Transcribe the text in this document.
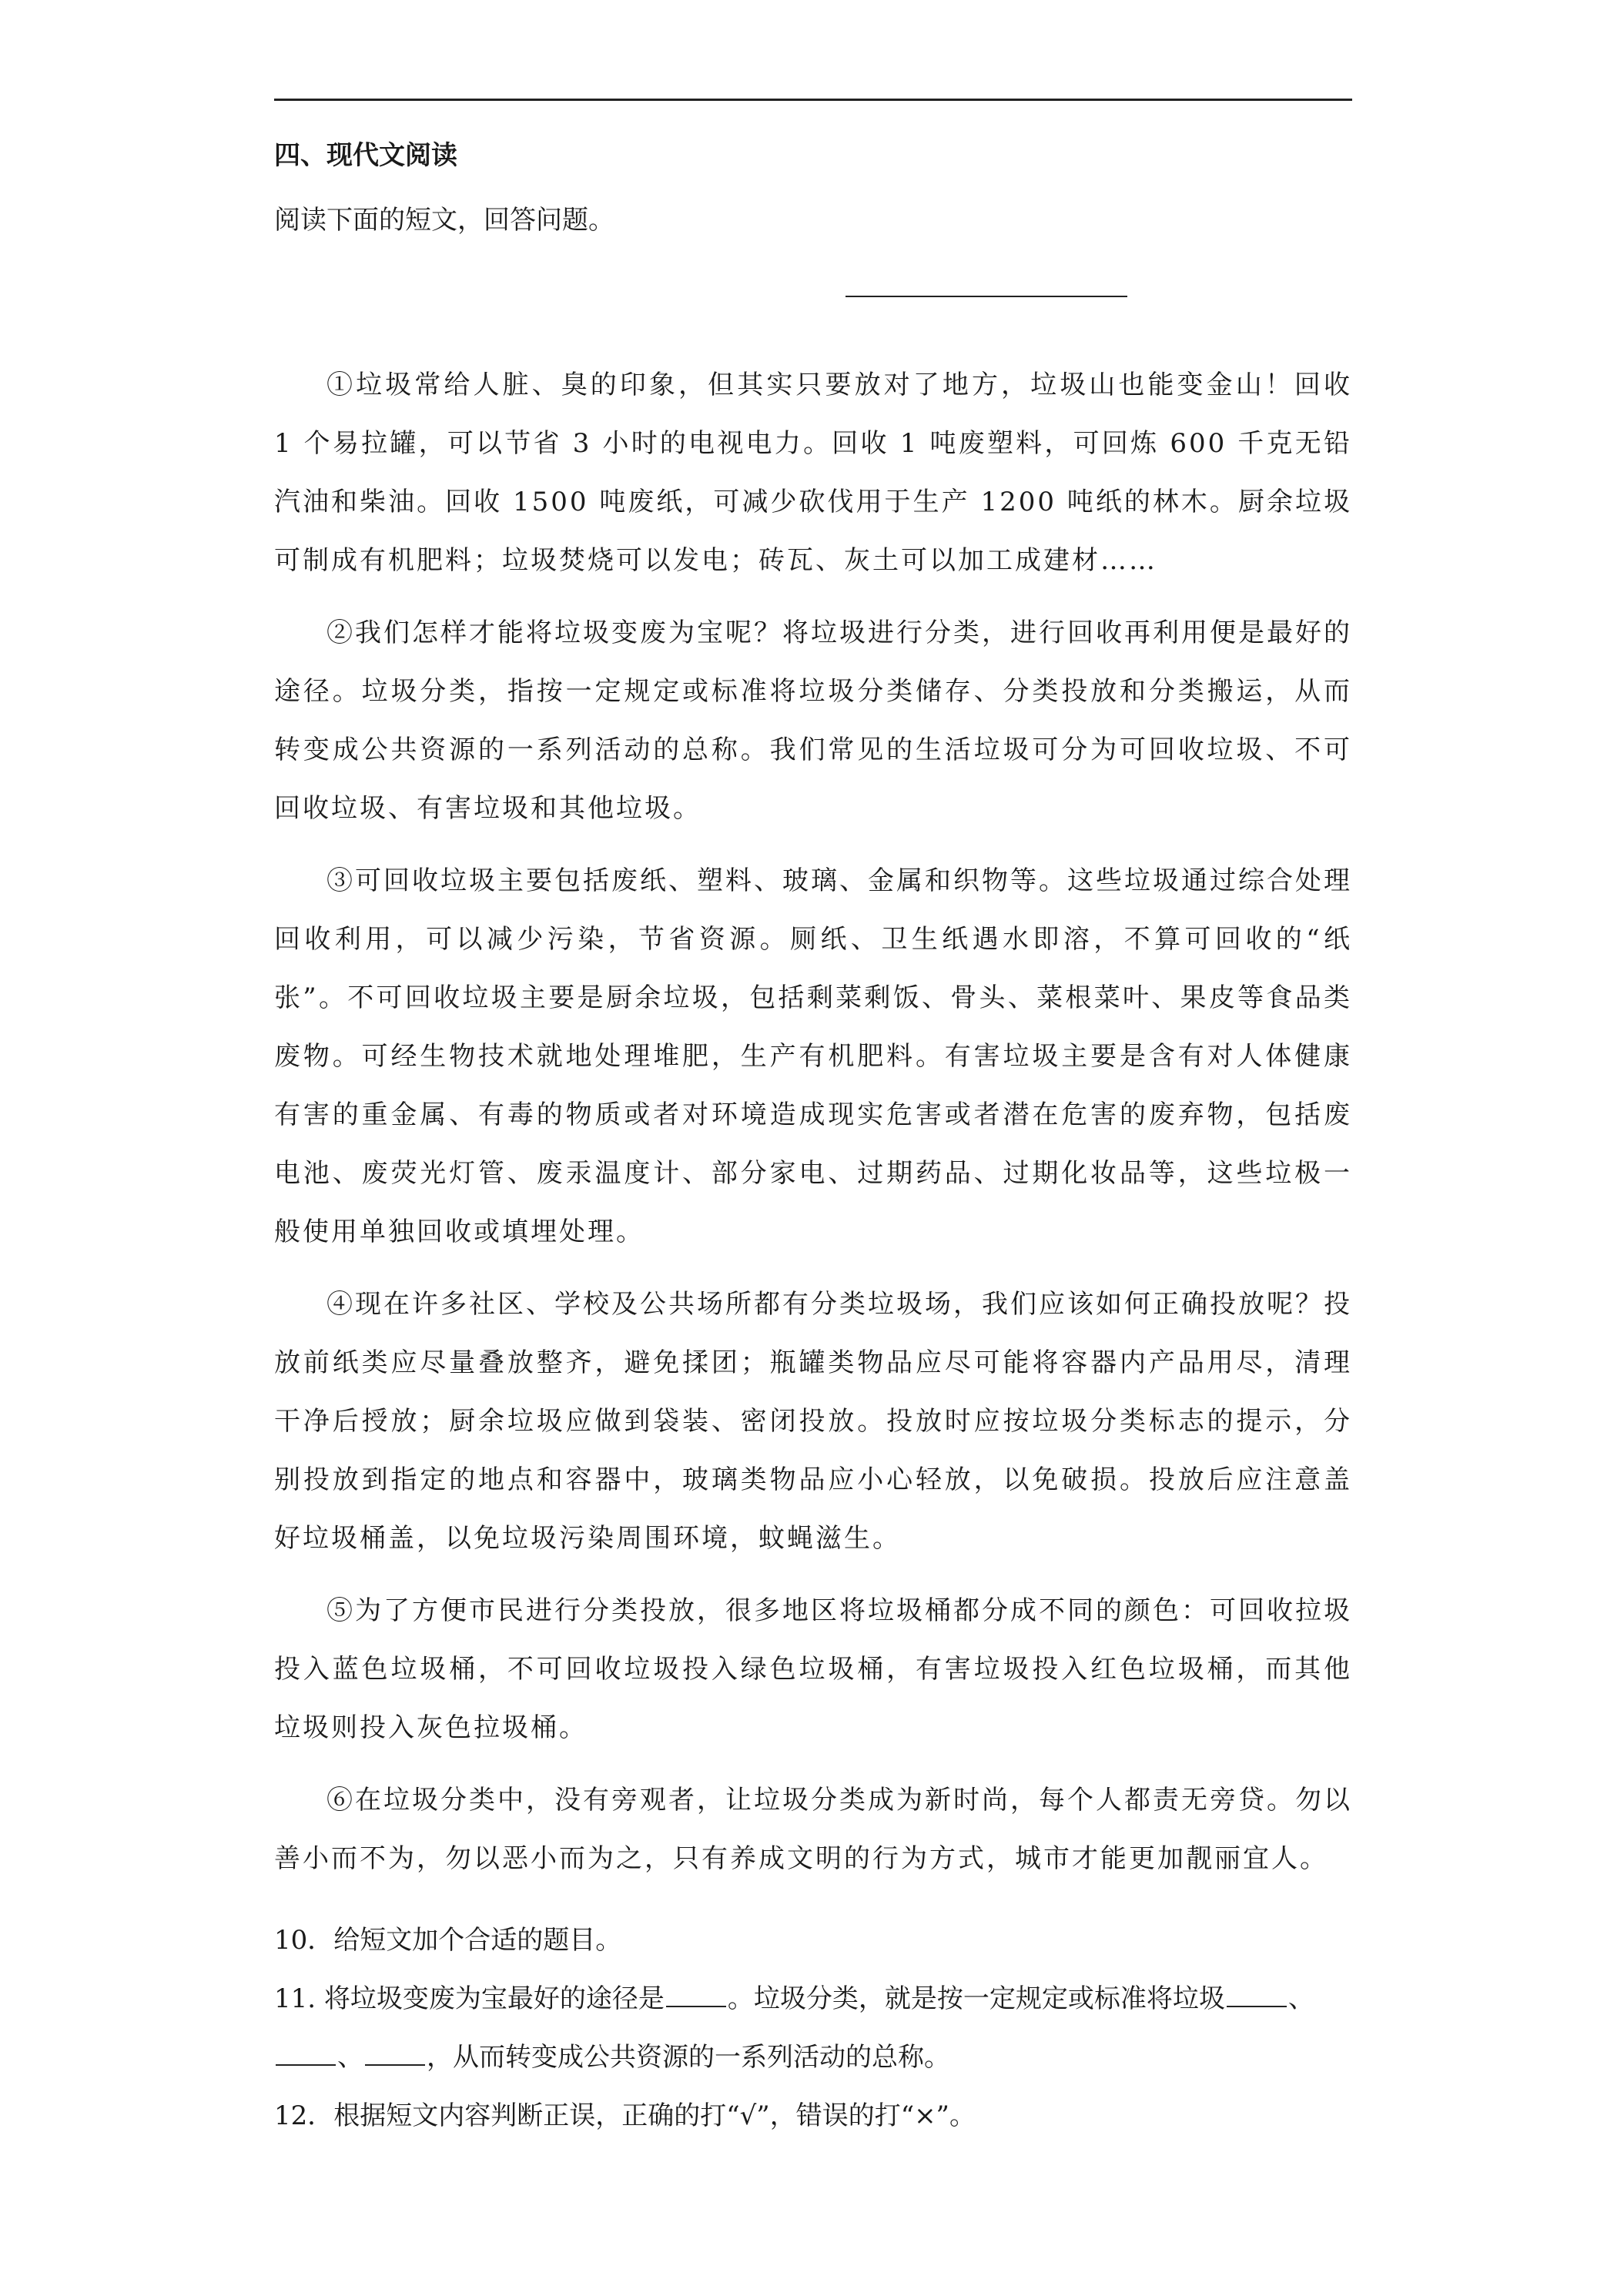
四、现代文阅读
阅读下面的短文，回答问题。

①垃圾常给人脏、臭的印象，但其实只要放对了地方，垃圾山也能变金山！回收 1 个易拉罐，可以节省 3 小时的电视电力。回收 1 吨废塑料，可回炼 600 千克无铅汽油和柴油。回收 1500 吨废纸，可减少砍伐用于生产 1200 吨纸的林木。厨余垃圾可制成有机肥料；垃圾焚烧可以发电；砖瓦、灰土可以加工成建材……

②我们怎样才能将垃圾变废为宝呢？将垃圾进行分类，进行回收再利用便是最好的途径。垃圾分类，指按一定规定或标准将垃圾分类储存、分类投放和分类搬运，从而转变成公共资源的一系列活动的总称。我们常见的生活垃圾可分为可回收垃圾、不可回收垃圾、有害垃圾和其他垃圾。

③可回收垃圾主要包括废纸、塑料、玻璃、金属和织物等。这些垃圾通过综合处理回收利用，可以减少污染，节省资源。厕纸、卫生纸遇水即溶，不算可回收的“纸张”。不可回收垃圾主要是厨余垃圾，包括剩菜剩饭、骨头、菜根菜叶、果皮等食品类废物。可经生物技术就地处理堆肥，生产有机肥料。有害垃圾主要是含有对人体健康有害的重金属、有毒的物质或者对环境造成现实危害或者潜在危害的废弃物，包括废电池、废荧光灯管、废汞温度计、部分家电、过期药品、过期化妆品等，这些垃极一般使用单独回收或填埋处理。

④现在许多社区、学校及公共场所都有分类垃圾场，我们应该如何正确投放呢？投放前纸类应尽量叠放整齐，避免揉团；瓶罐类物品应尽可能将容器内产品用尽，清理干净后授放；厨余垃圾应做到袋装、密闭投放。投放时应按垃圾分类标志的提示，分别投放到指定的地点和容器中，玻璃类物品应小心轻放，以免破损。投放后应注意盖好垃圾桶盖，以免垃圾污染周围环境，蚊蝇滋生。

⑤为了方便市民进行分类投放，很多地区将垃圾桶都分成不同的颜色：可回收拉圾投入蓝色垃圾桶，不可回收垃圾投入绿色垃圾桶，有害垃圾投入红色垃圾桶，而其他垃圾则投入灰色拉圾桶。

⑥在垃圾分类中，没有旁观者，让垃圾分类成为新时尚，每个人都责无旁贷。勿以善小而不为，勿以恶小而为之，只有养成文明的行为方式，城市才能更加靓丽宜人。

10．给短文加个合适的题目。

11. 将垃圾变废为宝最好的途径是 。垃圾分类，就是按一定规定或标准将垃圾 、
、 ，从而转变成公共资源的一系列活动的总称。

12．根据短文内容判断正误，正确的打“√”，错误的打“×”。
